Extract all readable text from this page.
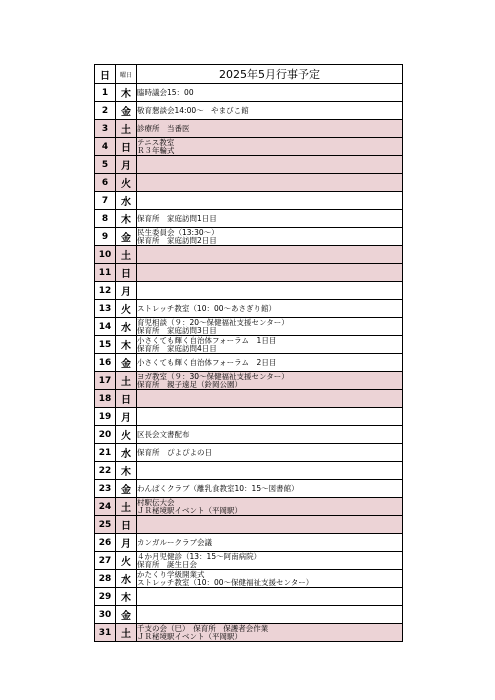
日	曜日	2025年5月行事予定
1	木	臨時議会15：00

2	金	敬育懇談会14:00～　やまびこ館

3	土	診療所　当番医

4	日	テニス教室
Ｒ３年輪式

5	月	
6	火	
7	水	
8	木	保育所　家庭訪問1日目

9	金	民生委員会（13:30～）
保育所　家庭訪問2日目

10	土	
11	日	
12	月	
13	火	ストレッチ教室（10：00～あさぎり館）

14	水	育児相談（９：20～保健福祉支援センター）
保育所　家庭訪問3日目

15	木	小さくても輝く自治体フォーラム　1日目
保育所　家庭訪問4日目

16	金	小さくても輝く自治体フォーラム　2日目

17	土	ヨガ教室（９：30～保健福祉支援センター）
保育所　親子遠足（鈴岡公園）

18	日	
19	月	
20	火	区長会文書配布

21	水	保育所　ぴよぴよの日

22	木	
23	金	わんぱくクラブ（離乳食教室10：15～図書館）

24	土	村駅伝大会
ＪＲ秘境駅イベント（平岡駅）

25	日	
26	月	カンガルークラブ会議

27	火	４か月児健診（13：15～阿南病院）
保育所　誕生日会

28	水	かたくり学級開業式
ストレッチ教室（10：00～保健福祉支援センター）

29	木	
30	金	
31	土	千支の会（巳）　保育所　保護者会作業
ＪＲ秘境駅イベント（平岡駅）
